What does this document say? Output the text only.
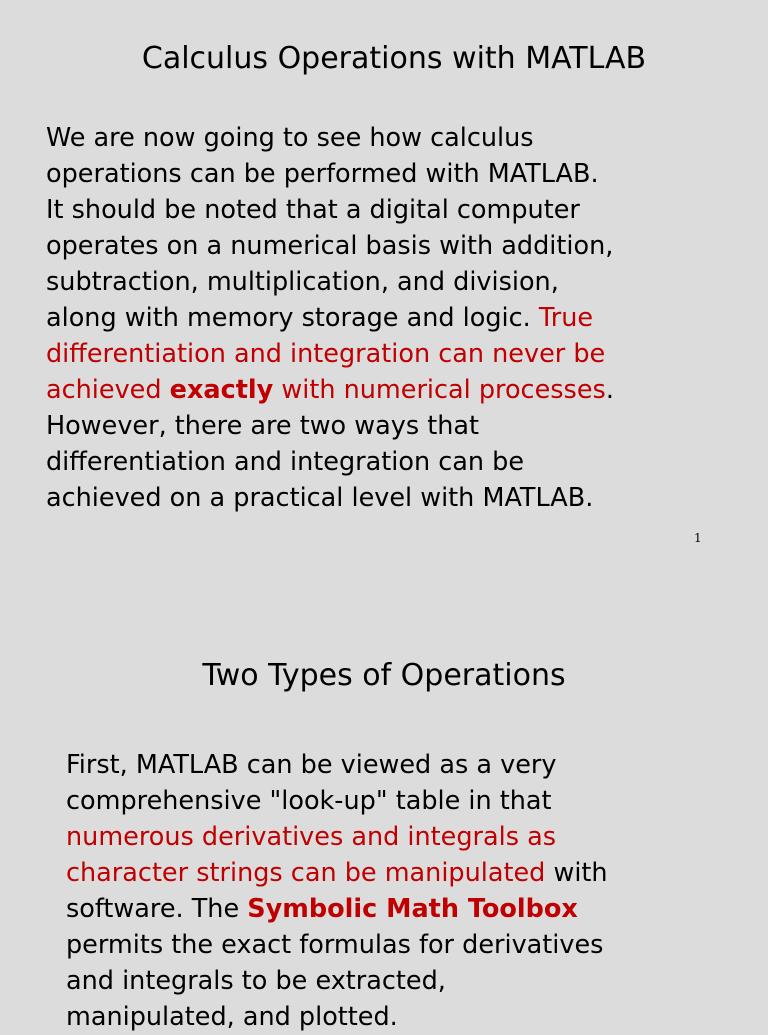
Calculus Operations with MATLAB
We are now going to see how calculus
operations can be performed with MATLAB.
It should be noted that a digital computer
operates on a numerical basis with addition,
subtraction, multiplication, and division,
along with memory storage and logic. True
differentiation and integration can never be
achieved exactly with numerical processes.
However, there are two ways that
differentiation and integration can be
achieved on a practical level with MATLAB.
1
Two Types of Operations
First, MATLAB can be viewed as a very
comprehensive "look-up" table in that
numerous derivatives and integrals as
character strings can be manipulated with
software. The Symbolic Math Toolbox
permits the exact formulas for derivatives
and integrals to be extracted,
manipulated, and plotted.
